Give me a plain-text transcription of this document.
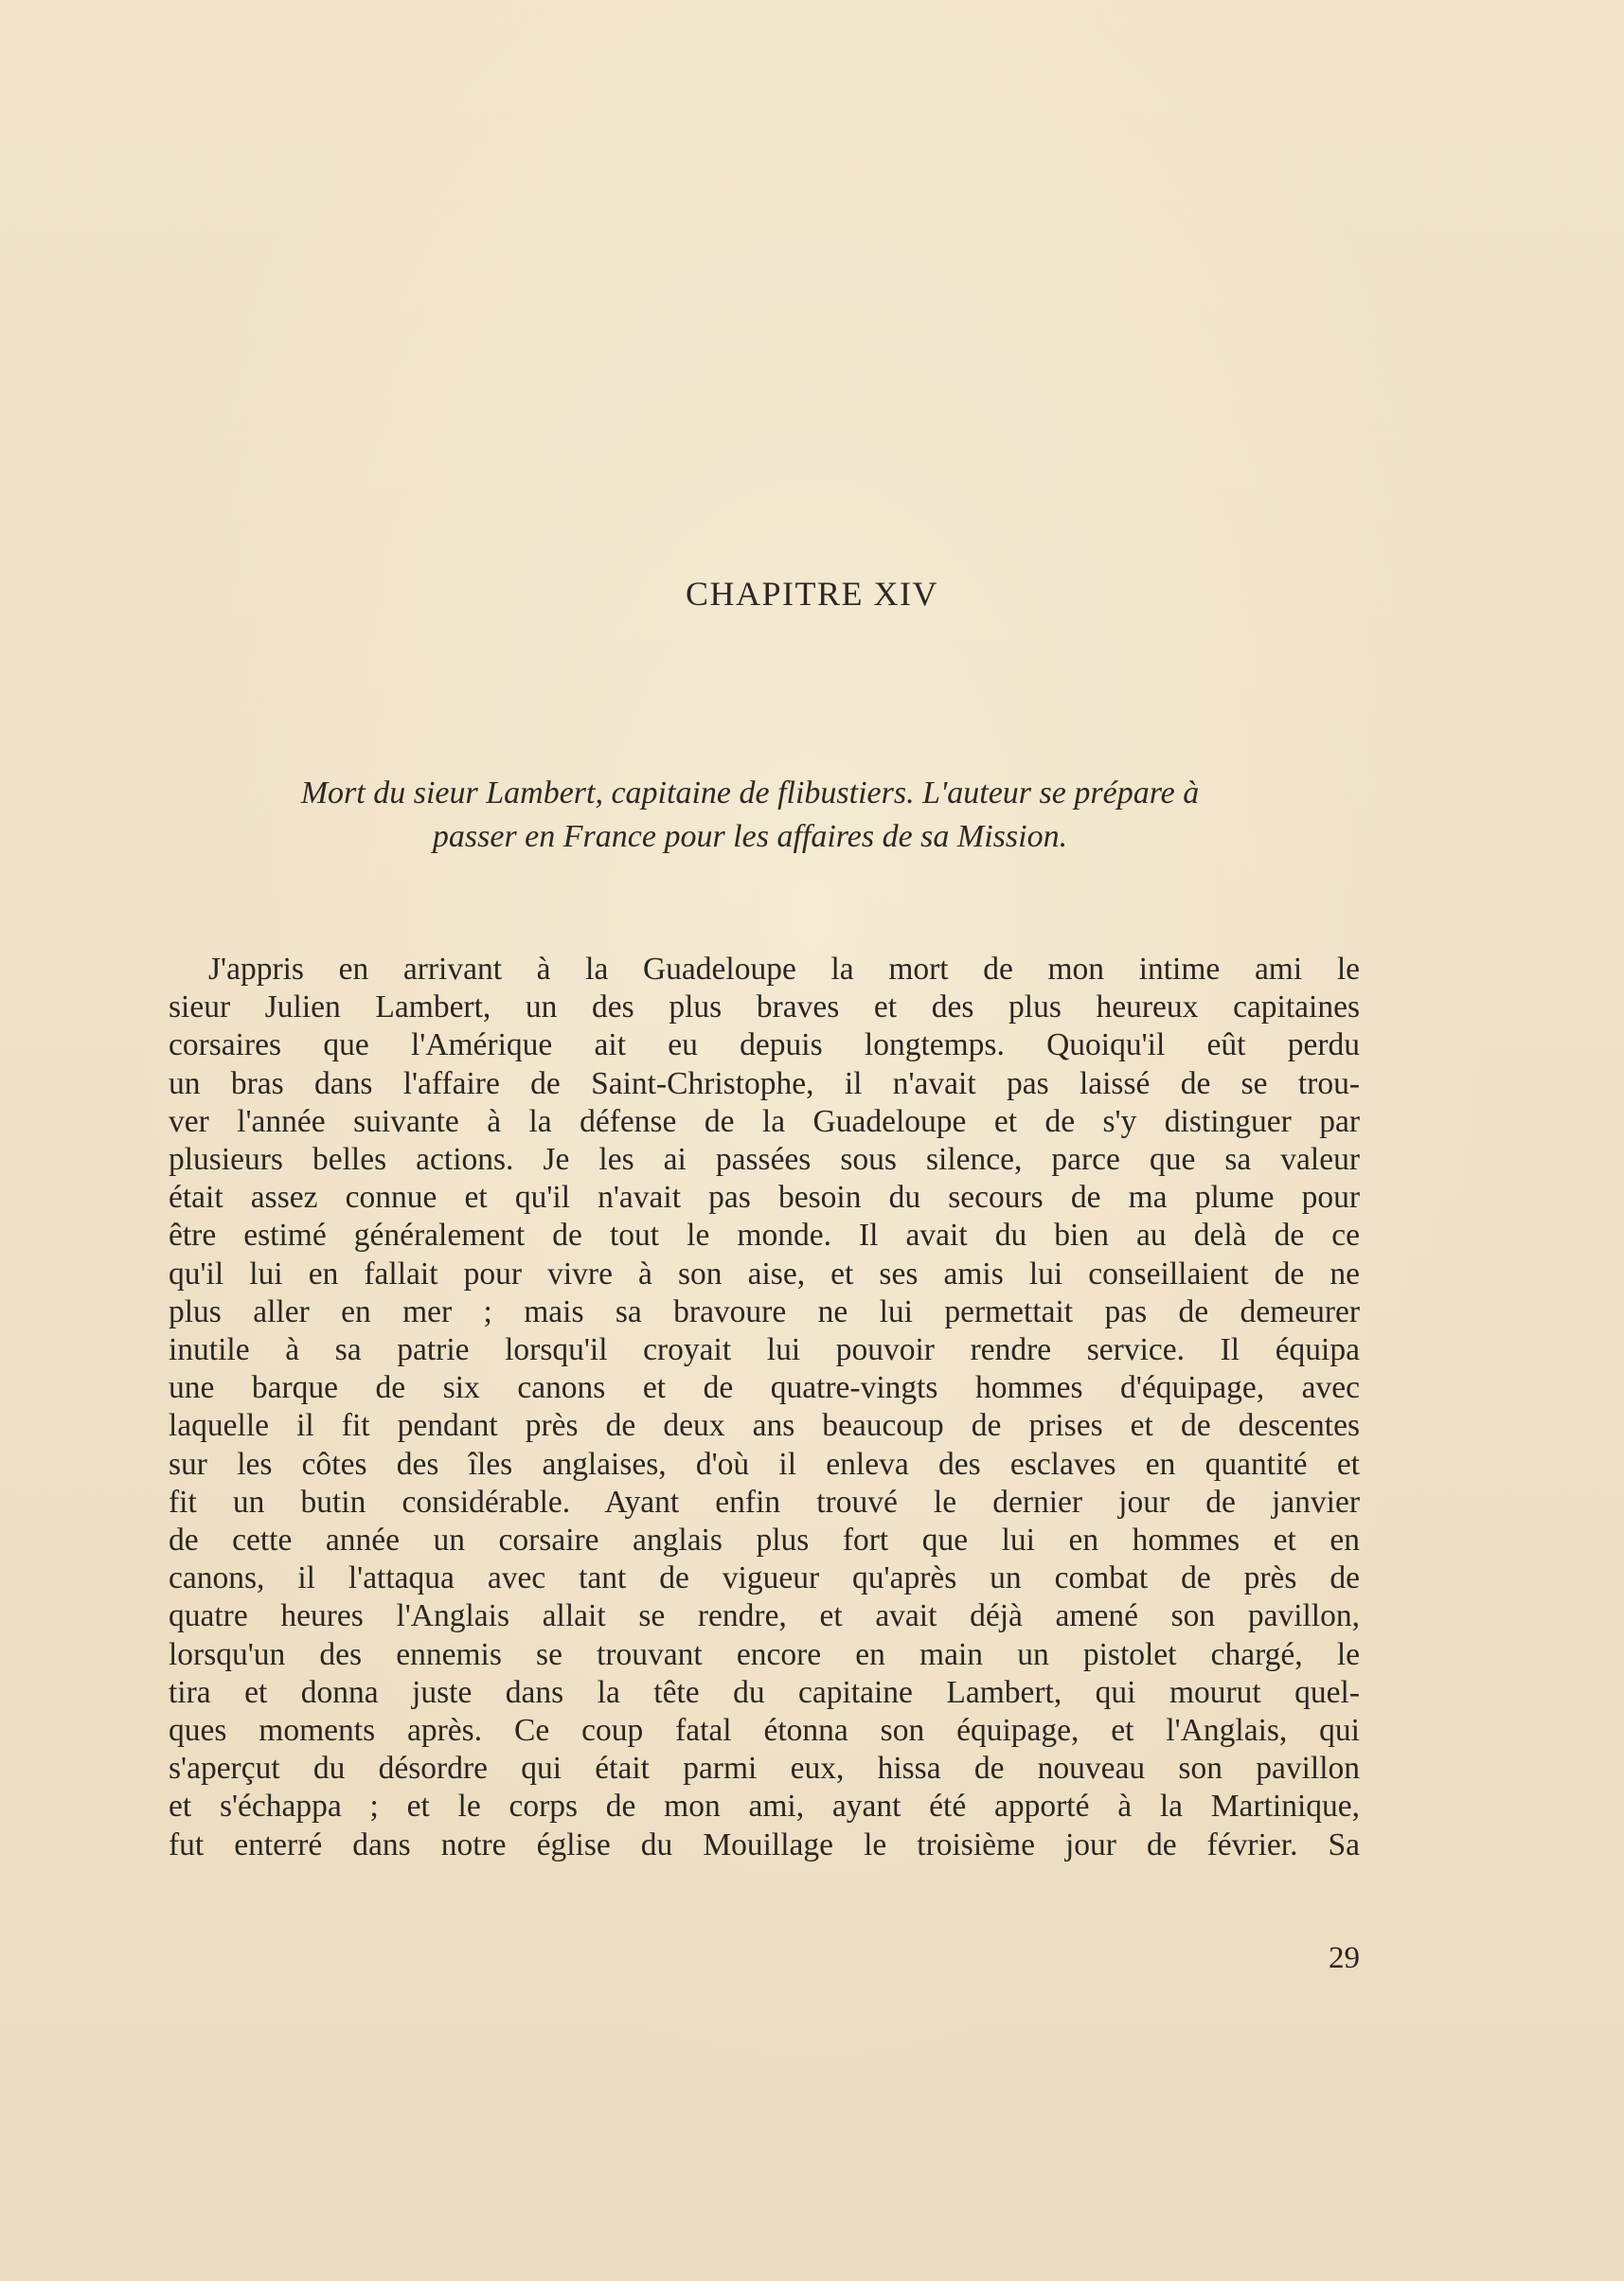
CHAPITRE XIV

Mort du sieur Lambert, capitaine de flibustiers. L'auteur se prépare à
passer en France pour les affaires de sa Mission.

J'appris en arrivant à la Guadeloupe la mort de mon intime ami le
sieur Julien Lambert, un des plus braves et des plus heureux capitaines
corsaires que l'Amérique ait eu depuis longtemps. Quoiqu'il eût perdu
un bras dans l'affaire de Saint-Christophe, il n'avait pas laissé de se trou-
ver l'année suivante à la défense de la Guadeloupe et de s'y distinguer par
plusieurs belles actions. Je les ai passées sous silence, parce que sa valeur
était assez connue et qu'il n'avait pas besoin du secours de ma plume pour
être estimé généralement de tout le monde. Il avait du bien au delà de ce
qu'il lui en fallait pour vivre à son aise, et ses amis lui conseillaient de ne
plus aller en mer ; mais sa bravoure ne lui permettait pas de demeurer
inutile à sa patrie lorsqu'il croyait lui pouvoir rendre service. Il équipa
une barque de six canons et de quatre-vingts hommes d'équipage, avec
laquelle il fit pendant près de deux ans beaucoup de prises et de descentes
sur les côtes des îles anglaises, d'où il enleva des esclaves en quantité et
fit un butin considérable. Ayant enfin trouvé le dernier jour de janvier
de cette année un corsaire anglais plus fort que lui en hommes et en
canons, il l'attaqua avec tant de vigueur qu'après un combat de près de
quatre heures l'Anglais allait se rendre, et avait déjà amené son pavillon,
lorsqu'un des ennemis se trouvant encore en main un pistolet chargé, le
tira et donna juste dans la tête du capitaine Lambert, qui mourut quel-
ques moments après. Ce coup fatal étonna son équipage, et l'Anglais, qui
s'aperçut du désordre qui était parmi eux, hissa de nouveau son pavillon
et s'échappa ; et le corps de mon ami, ayant été apporté à la Martinique,
fut enterré dans notre église du Mouillage le troisième jour de février. Sa

29
